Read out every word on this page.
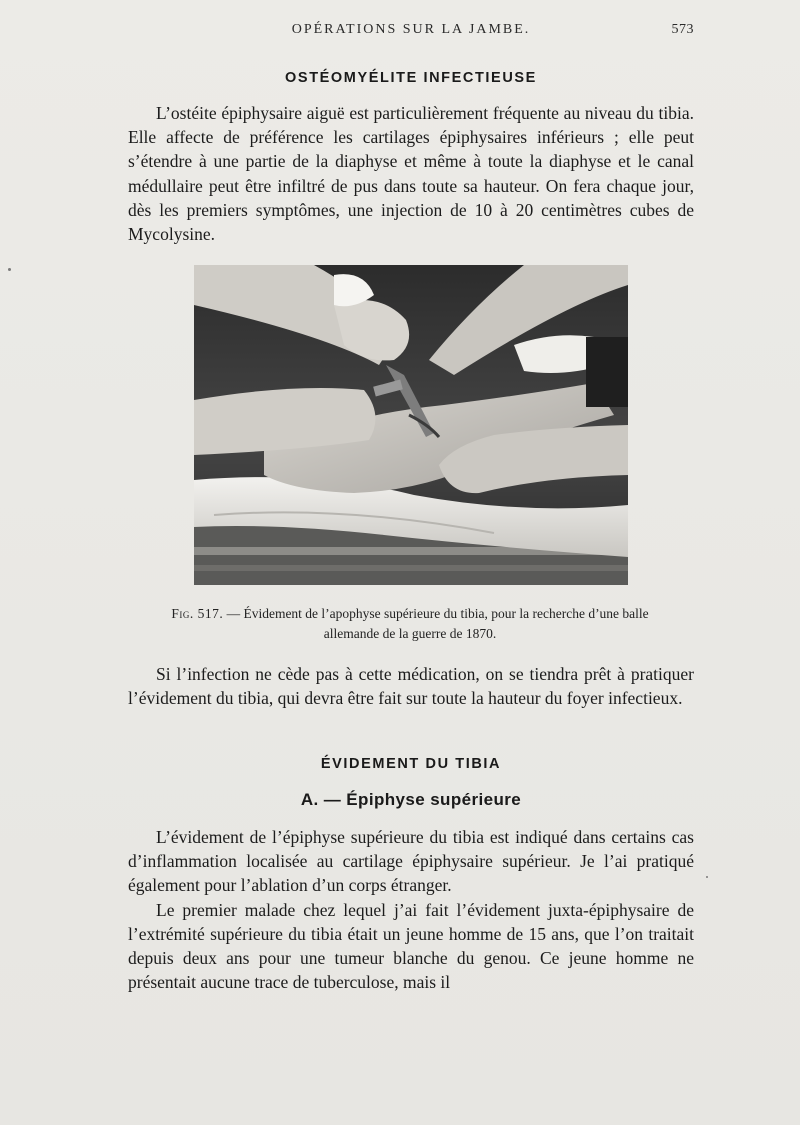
OPÉRATIONS SUR LA JAMBE.	573
OSTÉOMYÉLITE INFECTIEUSE

L’ostéite épiphysaire aiguë est particulièrement fréquente au niveau du tibia. Elle affecte de préférence les cartilages épiphysaires inférieurs ; elle peut s’étendre à une partie de la diaphyse et même à toute la diaphyse et le canal médullaire peut être infiltré de pus dans toute sa hauteur. On fera chaque jour, dès les premiers symptômes, une injection de 10 à 20 centimètres cubes de Mycolysine.

Fig. 517. — Évidement de l’apophyse supérieure du tibia, pour la recherche d’une balle allemande de la guerre de 1870.

Si l’infection ne cède pas à cette médication, on se tiendra prêt à pratiquer l’évidement du tibia, qui devra être fait sur toute la hauteur du foyer infectieux.

ÉVIDEMENT DU TIBIA
A. — Épiphyse supérieure

L’évidement de l’épiphyse supérieure du tibia est indiqué dans certains cas d’inflammation localisée au cartilage épiphysaire supérieur. Je l’ai pratiqué également pour l’ablation d’un corps étranger.

Le premier malade chez lequel j’ai fait l’évidement juxta-épiphysaire de l’extrémité supérieure du tibia était un jeune homme de 15 ans, que l’on traitait depuis deux ans pour une tumeur blanche du genou. Ce jeune homme ne présentait aucune trace de tuberculose, mais il
